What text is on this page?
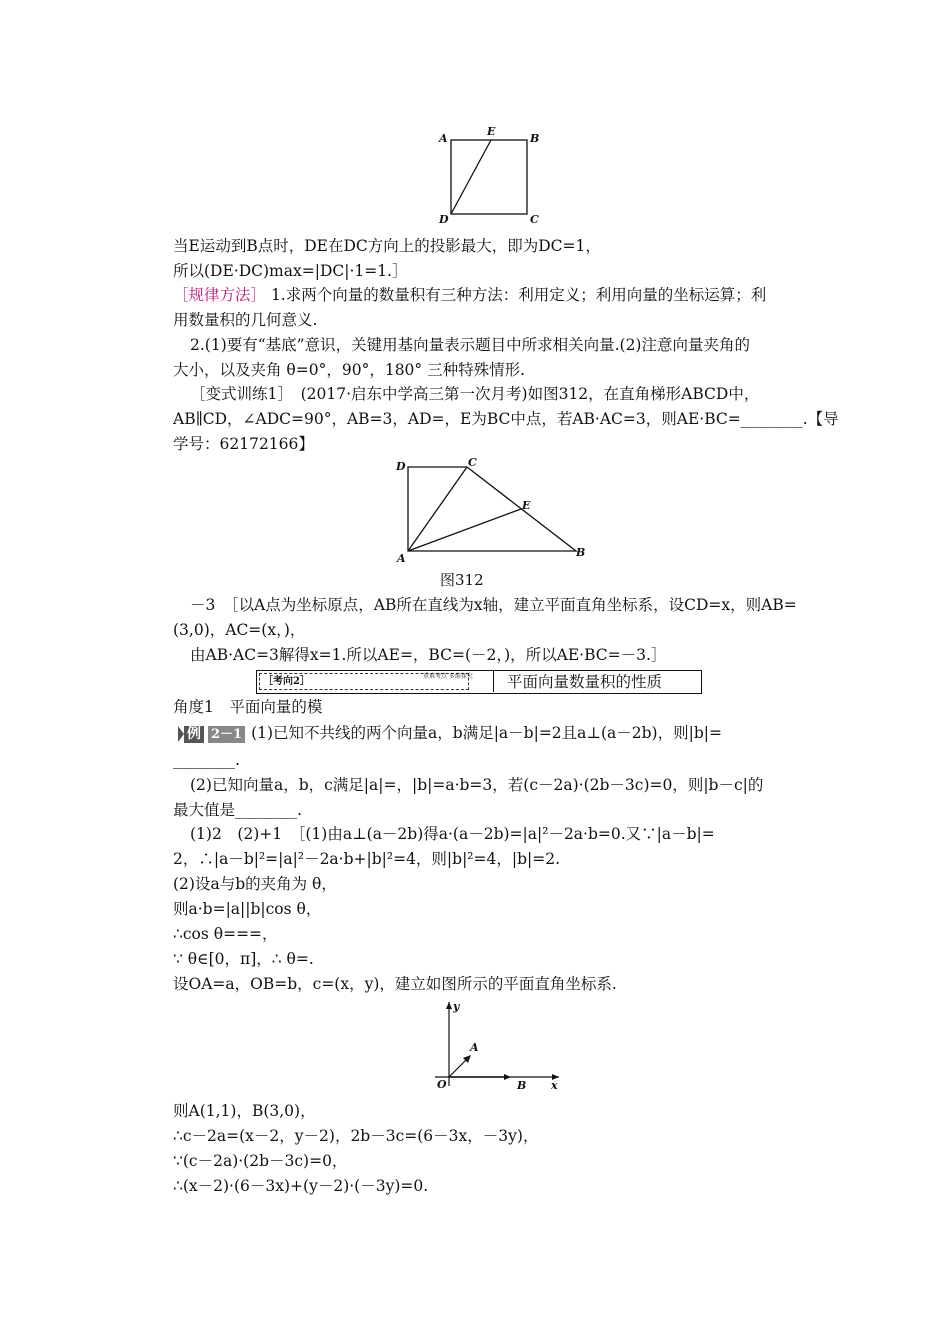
A
E
B
D	C
当E运动到B点时，DE在DC方向上的投影最大，即为DC=1，
所以(DE·DC)max=|DC|·1=1.］
［规律方法］ 1.求两个向量的数量积有三种方法：利用定义；利用向量的坐标运算；利
用数量积的几何意义.
2.(1)要有“基底”意识，关键用基向量表示题目中所求相关向量.(2)注意向量夹角的
大小，以及夹角 θ=0°，90°，180° 三种特殊情形.
［变式训练1］　(2017·启东中学高三第一次月考)如图312，在直角梯形ABCD中，
AB∥CD，∠ADC=90°，AB=3，AD=，E为BC中点，若AB·AC=3，则AE·BC=________.【导
学号：62172166】
D	C
E
A	B
图312
－3　［以A点为坐标原点，AB所在直线为x轴，建立平面直角坐标系，设CD=x，则AB=
(3,0)，AC=(x，)，
由AB·AC=3解得x=1.所以AE=，BC=(－2，)，所以AE·BC=－3.］
［考向2］	重难考点 多维探究 平面向量数量积的性质
角度1　平面向量的模
例 2－1 (1)已知不共线的两个向量a，b满足|a－b|=2且a⊥(a－2b)，则|b|=
________.
(2)已知向量a，b，c满足|a|=，|b|=a·b=3，若(c－2a)·(2b－3c)=0，则|b－c|的
最大值是________.
(1)2　(2)+1　［(1)由a⊥(a－2b)得a·(a－2b)=|a|²－2a·b=0.又∵|a－b|=
2，∴|a－b|²=|a|²－2a·b+|b|²=4，则|b|²=4，|b|=2.
(2)设a与b的夹角为 θ，
则a·b=|a||b|cos θ，
∴cos θ===，
∵ θ∈[0，π]，∴ θ=.
设OA=a，OB=b，c=(x，y)，建立如图所示的平面直角坐标系.
y
A
O	B x
则A(1,1)，B(3,0)，
∴c－2a=(x－2，y－2)，2b－3c=(6－3x，－3y)，
∵(c－2a)·(2b－3c)=0，
∴(x－2)·(6－3x)+(y－2)·(－3y)=0.
